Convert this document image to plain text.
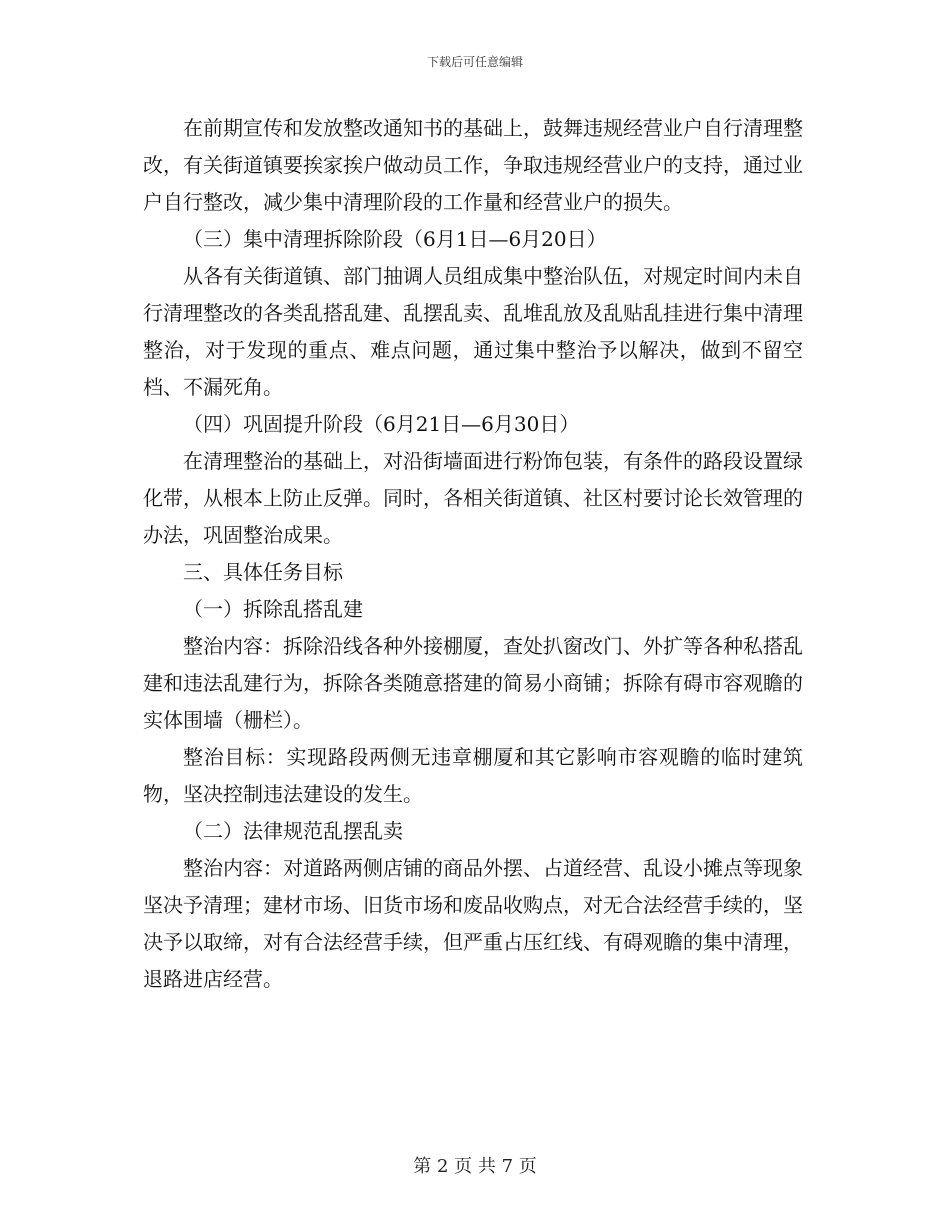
下载后可任意编辑

在前期宣传和发放整改通知书的基础上，鼓舞违规经营业户自行清理整改，有关街道镇要挨家挨户做动员工作，争取违规经营业户的支持，通过业户自行整改，减少集中清理阶段的工作量和经营业户的损失。

（三）集中清理拆除阶段（6月1日—6月20日）

从各有关街道镇、部门抽调人员组成集中整治队伍，对规定时间内未自行清理整改的各类乱搭乱建、乱摆乱卖、乱堆乱放及乱贴乱挂进行集中清理整治，对于发现的重点、难点问题，通过集中整治予以解决，做到不留空档、不漏死角。

（四）巩固提升阶段（6月21日—6月30日）

在清理整治的基础上，对沿街墙面进行粉饰包装，有条件的路段设置绿化带，从根本上防止反弹。同时，各相关街道镇、社区村要讨论长效管理的办法，巩固整治成果。

三、具体任务目标

（一）拆除乱搭乱建

整治内容：拆除沿线各种外接棚厦，查处扒窗改门、外扩等各种私搭乱建和违法乱建行为，拆除各类随意搭建的简易小商铺；拆除有碍市容观瞻的实体围墙（栅栏）。

整治目标：实现路段两侧无违章棚厦和其它影响市容观瞻的临时建筑物，坚决控制违法建设的发生。

（二）法律规范乱摆乱卖

整治内容：对道路两侧店铺的商品外摆、占道经营、乱设小摊点等现象坚决予清理；建材市场、旧货市场和废品收购点，对无合法经营手续的，坚决予以取缔，对有合法经营手续，但严重占压红线、有碍观瞻的集中清理，退路进店经营。

第 2 页 共 7 页
